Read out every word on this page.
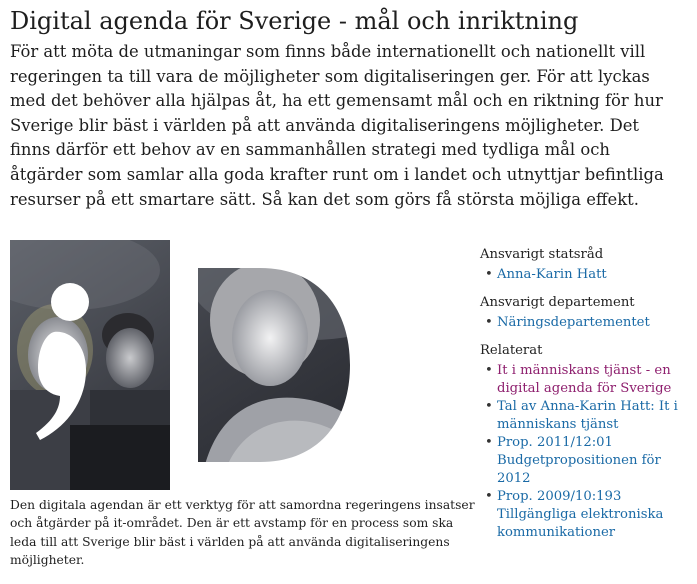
Digital agenda för Sverige - mål och inriktning

För att möta de utmaningar som finns både internationellt och nationellt vill regeringen ta till vara de möjligheter som digitaliseringen ger. För att lyckas med det behöver alla hjälpas åt, ha ett gemensamt mål och en riktning för hur Sverige blir bäst i världen på att använda digitaliseringens möjligheter. Det finns därför ett behov av en sammanhållen strategi med tydliga mål och åtgärder som samlar alla goda krafter runt om i landet och utnyttjar befintliga resurser på ett smartare sätt. Så kan det som görs få största möjliga effekt.

Den digitala agendan är ett verktyg för att samordna regeringens insatser och åtgärder på it-området. Den är ett avstamp för en process som ska leda till att Sverige blir bäst i världen på att använda digitaliseringens möjligheter.

Ansvarigt statsråd
• Anna-Karin Hatt
Ansvarigt departement
• Näringsdepartementet
Relaterat
• It i människans tjänst - en digital agenda för Sverige
• Tal av Anna-Karin Hatt: It i människans tjänst
• Prop. 2011/12:01 Budgetpropositionen för 2012
• Prop. 2009/10:193 Tillgängliga elektroniska kommunikationer
